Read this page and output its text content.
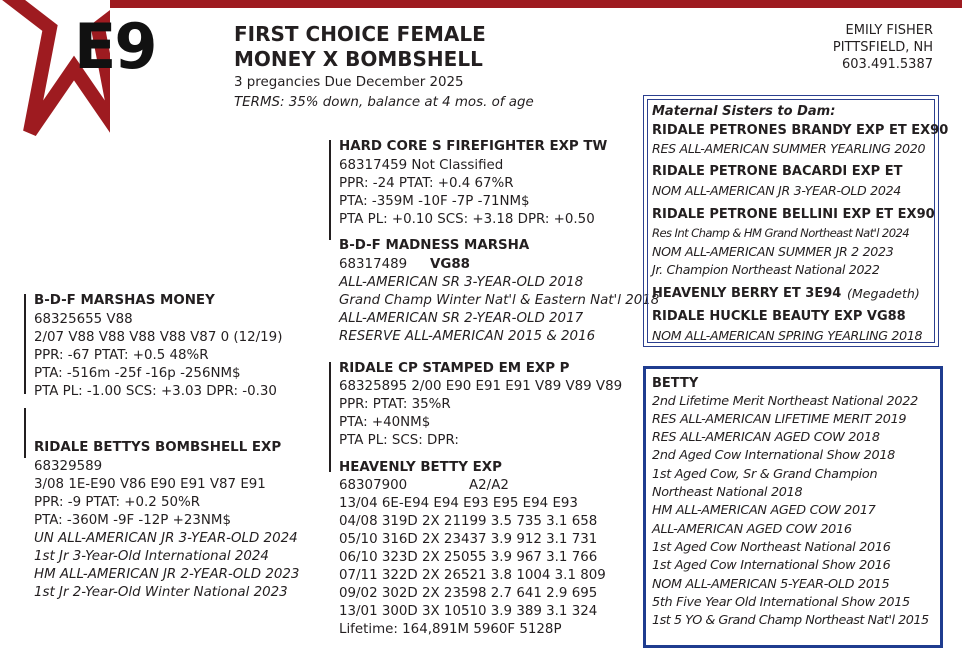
E9	FIRST CHOICE FEMALE
MONEY X BOMBSHELL
3 pregancies Due December 2025
TERMS: 35% down, balance at 4 mos. of age
EMILY FISHER
PITTSFIELD, NH
603.491.5387
B-D-F MARSHAS MONEY
68325655 V88
2/07 V88 V88 V88 V88 V87 0 (12/19)
PPR: -67 PTAT: +0.5 48%R
PTA: -516m -25f -16p -256NM$
PTA PL: -1.00 SCS: +3.03 DPR: -0.30
RIDALE BETTYS BOMBSHELL EXP
68329589
3/08 1E-E90 V86 E90 E91 V87 E91
PPR: -9 PTAT: +0.2 50%R
PTA: -360M -9F -12P +23NM$
UN ALL-AMERICAN JR 3-YEAR-OLD 2024
1st Jr 3-Year-Old International 2024
HM ALL-AMERICAN JR 2-YEAR-OLD 2023
1st Jr 2-Year-Old Winter National 2023
HARD CORE S FIREFIGHTER EXP TW
68317459 Not Classified
PPR: -24 PTAT: +0.4 67%R
PTA: -359M -10F -7P -71NM$
PTA PL: +0.10 SCS: +3.18 DPR: +0.50
B-D-F MADNESS MARSHA
68317489 VG88
ALL-AMERICAN SR 3-YEAR-OLD 2018
Grand Champ Winter Nat'l & Eastern Nat'l 2018
ALL-AMERICAN SR 2-YEAR-OLD 2017
RESERVE ALL-AMERICAN 2015 & 2016
RIDALE CP STAMPED EM EXP P
68325895 2/00 E90 E91 E91 V89 V89 V89
PPR: PTAT: 35%R
PTA: +40NM$
PTA PL: SCS: DPR:
HEAVENLY BETTY EXP
68307900	A2/A2
13/04 6E-E94 E94 E93 E95 E94 E93
04/08 319D 2X 21199 3.5 735 3.1 658
05/10 316D 2X 23437 3.9 912 3.1 731
06/10 323D 2X 25055 3.9 967 3.1 766
07/11 322D 2X 26521 3.8 1004 3.1 809
09/02 302D 2X 23598 2.7 641 2.9 695
13/01 300D 3X 10510 3.9 389 3.1 324
Lifetime: 164,891M 5960F 5128P
Maternal Sisters to Dam:
RIDALE PETRONES BRANDY EXP ET EX90
RES ALL-AMERICAN SUMMER YEARLING 2020
RIDALE PETRONE BACARDI EXP ET
NOM ALL-AMERICAN JR 3-YEAR-OLD 2024
RIDALE PETRONE BELLINI EXP ET EX90
Res Int Champ & HM Grand Northeast Nat'l 2024
NOM ALL-AMERICAN SUMMER JR 2 2023
Jr. Champion Northeast National 2022
HEAVENLY BERRY ET 3E94 (Megadeth)
RIDALE HUCKLE BEAUTY EXP VG88
NOM ALL-AMERICAN SPRING YEARLING 2018
BETTY
2nd Lifetime Merit Northeast National 2022
RES ALL-AMERICAN LIFETIME MERIT 2019
RES ALL-AMERICAN AGED COW 2018
2nd Aged Cow International Show 2018
1st Aged Cow, Sr & Grand Champion
Northeast National 2018
HM ALL-AMERICAN AGED COW 2017
ALL-AMERICAN AGED COW 2016
1st Aged Cow Northeast National 2016
1st Aged Cow International Show 2016
NOM ALL-AMERICAN 5-YEAR-OLD 2015
5th Five Year Old International Show 2015
1st 5 YO & Grand Champ Northeast Nat'l 2015
